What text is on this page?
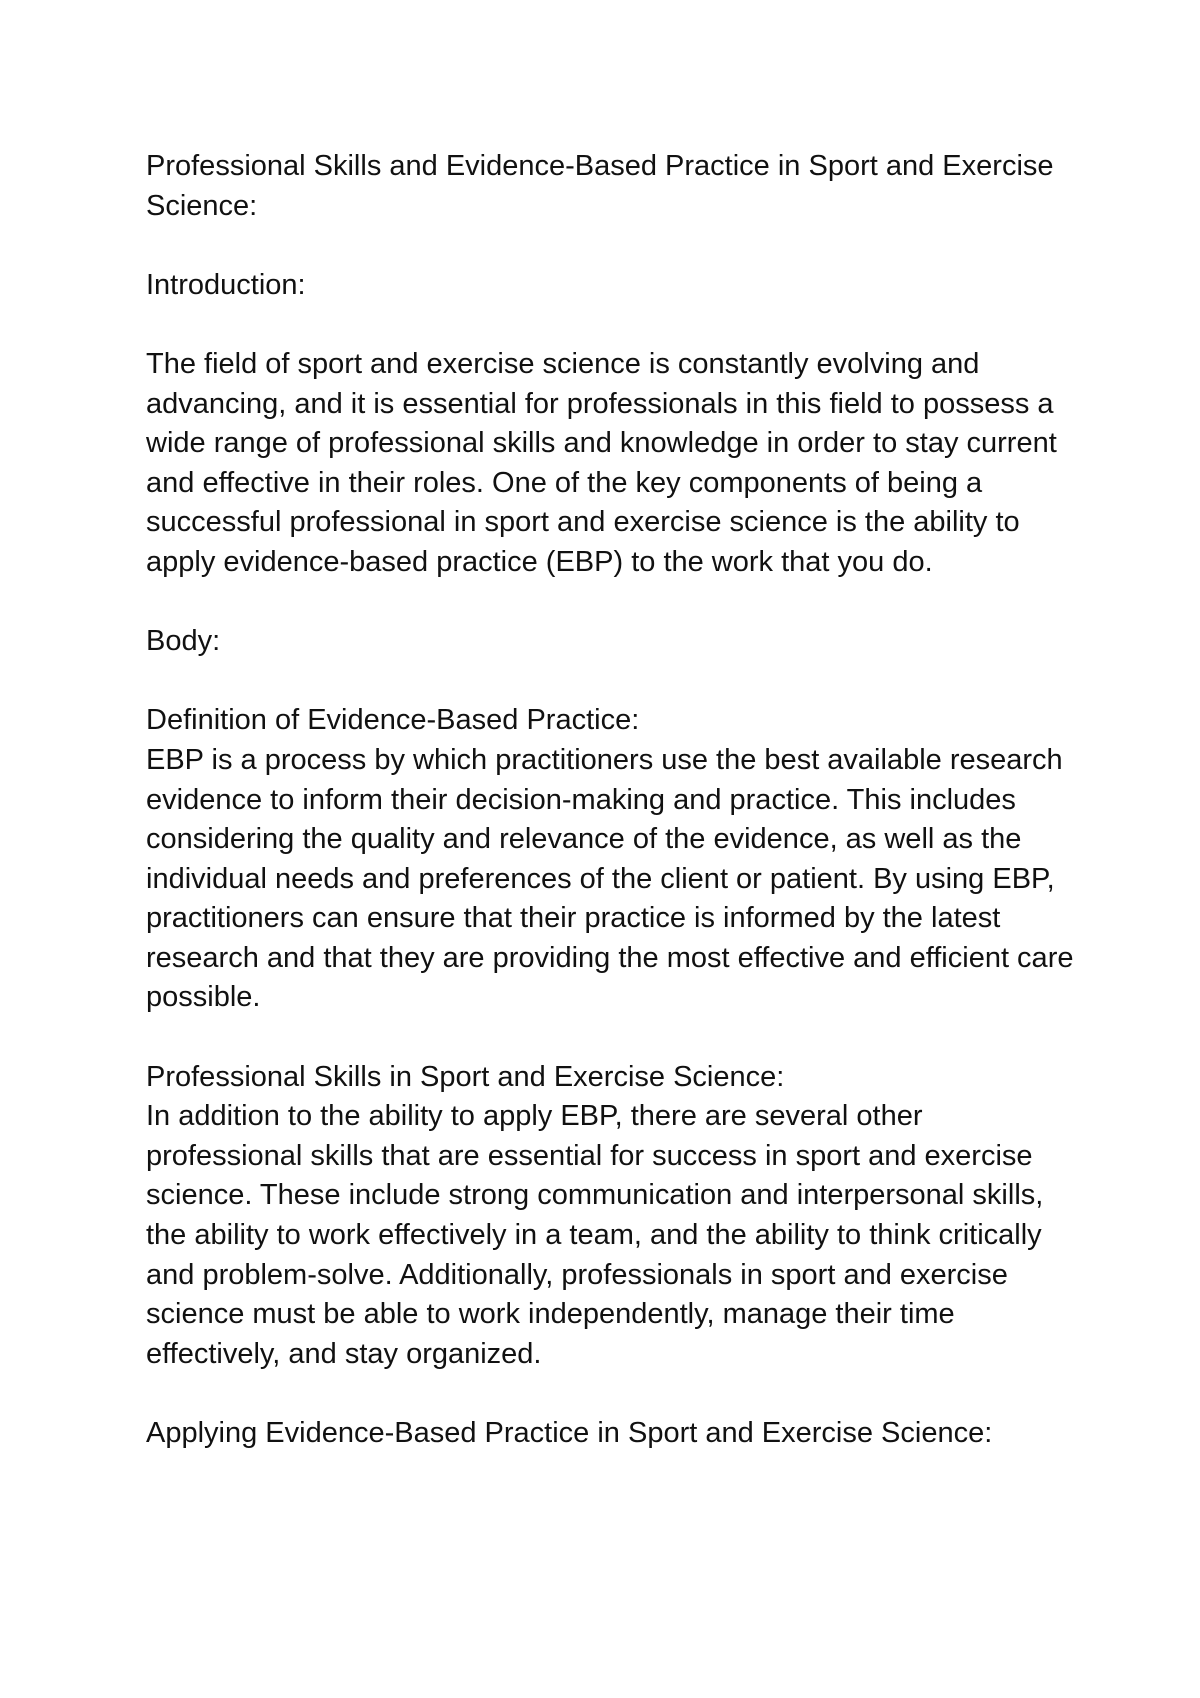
Professional Skills and Evidence-Based Practice in Sport and Exercise Science:

Introduction:

The field of sport and exercise science is constantly evolving and advancing, and it is essential for professionals in this field to possess a wide range of professional skills and knowledge in order to stay current and effective in their roles. One of the key components of being a successful professional in sport and exercise science is the ability to apply evidence-based practice (EBP) to the work that you do.

Body:

Definition of Evidence-Based Practice:

EBP is a process by which practitioners use the best available research evidence to inform their decision-making and practice. This includes considering the quality and relevance of the evidence, as well as the individual needs and preferences of the client or patient. By using EBP, practitioners can ensure that their practice is informed by the latest research and that they are providing the most effective and efficient care possible.

Professional Skills in Sport and Exercise Science:

In addition to the ability to apply EBP, there are several other professional skills that are essential for success in sport and exercise science. These include strong communication and interpersonal skills, the ability to work effectively in a team, and the ability to think critically and problem-solve. Additionally, professionals in sport and exercise science must be able to work independently, manage their time effectively, and stay organized.

Applying Evidence-Based Practice in Sport and Exercise Science:
